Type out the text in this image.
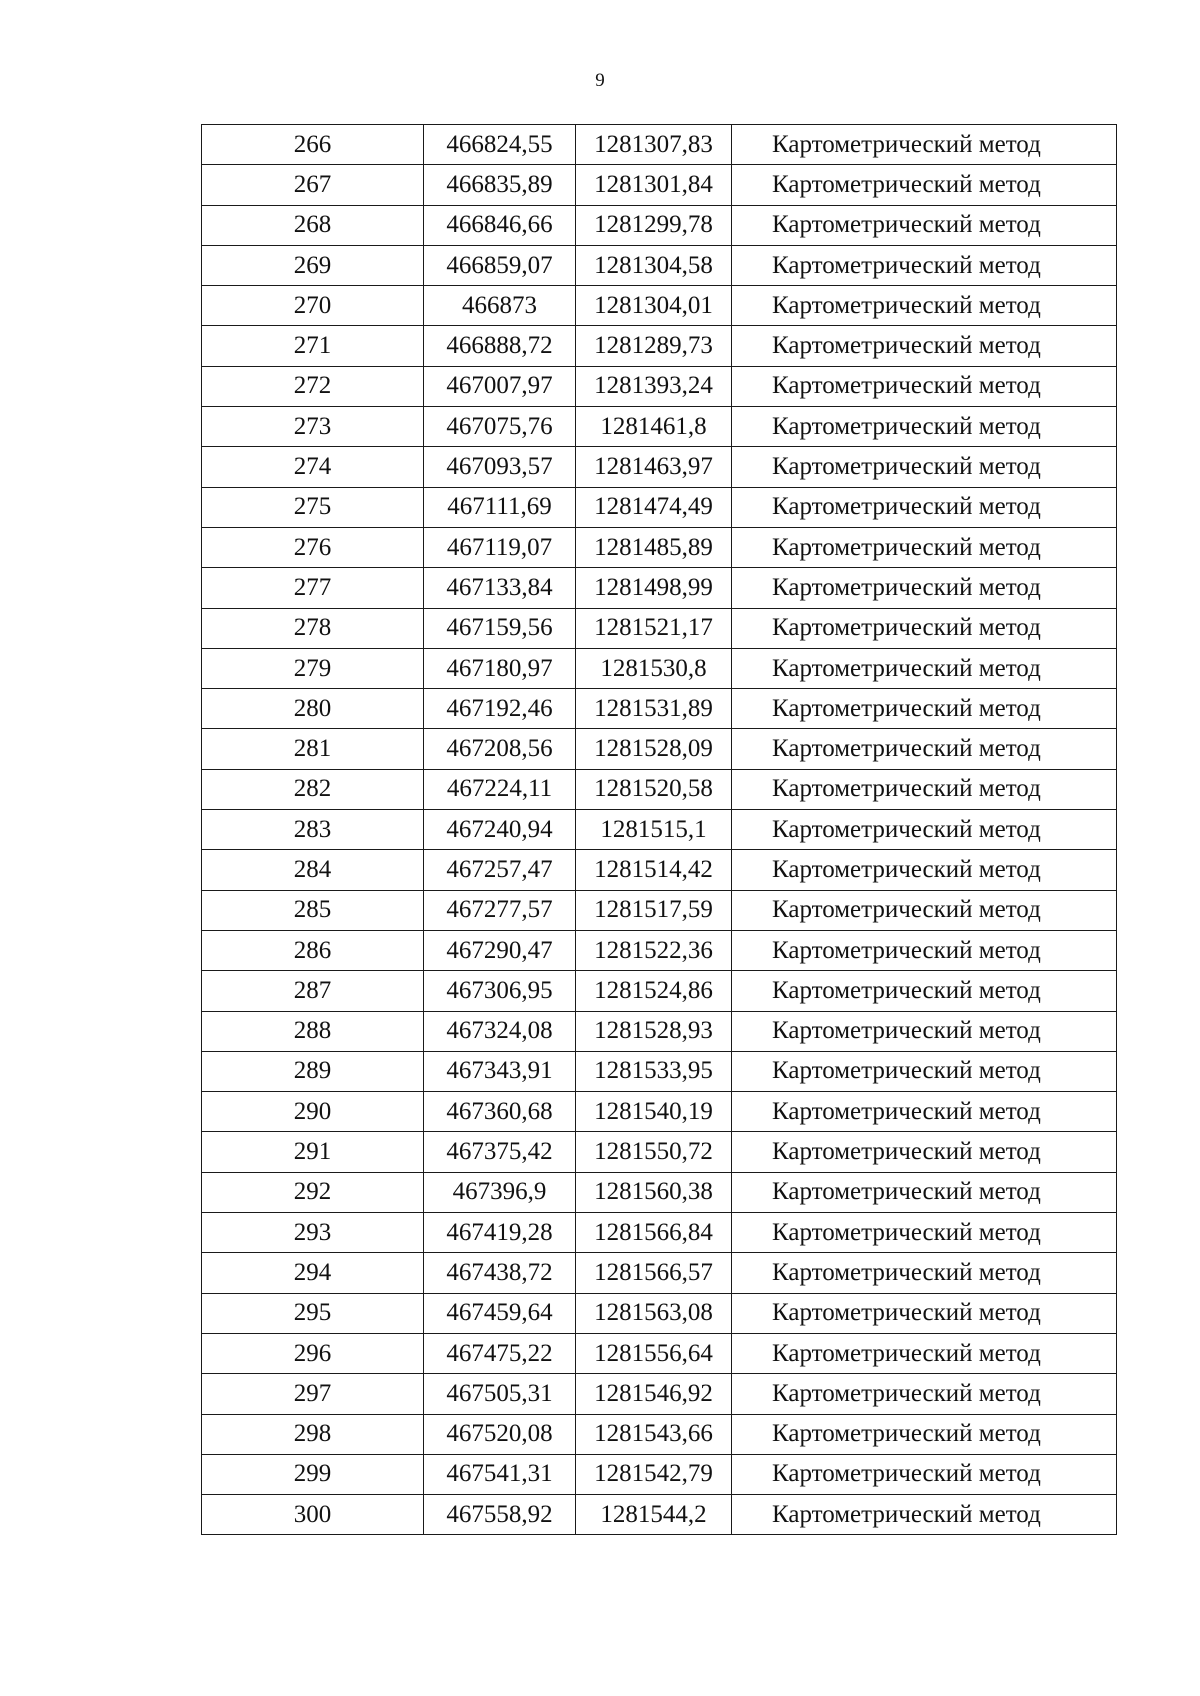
9
266	466824,55	1281307,83	Картометрический метод
267	466835,89	1281301,84	Картометрический метод
268	466846,66	1281299,78	Картометрический метод
269	466859,07	1281304,58	Картометрический метод
270	466873	1281304,01	Картометрический метод
271	466888,72	1281289,73	Картометрический метод
272	467007,97	1281393,24	Картометрический метод
273	467075,76	1281461,8	Картометрический метод
274	467093,57	1281463,97	Картометрический метод
275	467111,69	1281474,49	Картометрический метод
276	467119,07	1281485,89	Картометрический метод
277	467133,84	1281498,99	Картометрический метод
278	467159,56	1281521,17	Картометрический метод
279	467180,97	1281530,8	Картометрический метод
280	467192,46	1281531,89	Картометрический метод
281	467208,56	1281528,09	Картометрический метод
282	467224,11	1281520,58	Картометрический метод
283	467240,94	1281515,1	Картометрический метод
284	467257,47	1281514,42	Картометрический метод
285	467277,57	1281517,59	Картометрический метод
286	467290,47	1281522,36	Картометрический метод
287	467306,95	1281524,86	Картометрический метод
288	467324,08	1281528,93	Картометрический метод
289	467343,91	1281533,95	Картометрический метод
290	467360,68	1281540,19	Картометрический метод
291	467375,42	1281550,72	Картометрический метод
292	467396,9	1281560,38	Картометрический метод
293	467419,28	1281566,84	Картометрический метод
294	467438,72	1281566,57	Картометрический метод
295	467459,64	1281563,08	Картометрический метод
296	467475,22	1281556,64	Картометрический метод
297	467505,31	1281546,92	Картометрический метод
298	467520,08	1281543,66	Картометрический метод
299	467541,31	1281542,79	Картометрический метод
300	467558,92	1281544,2	Картометрический метод
